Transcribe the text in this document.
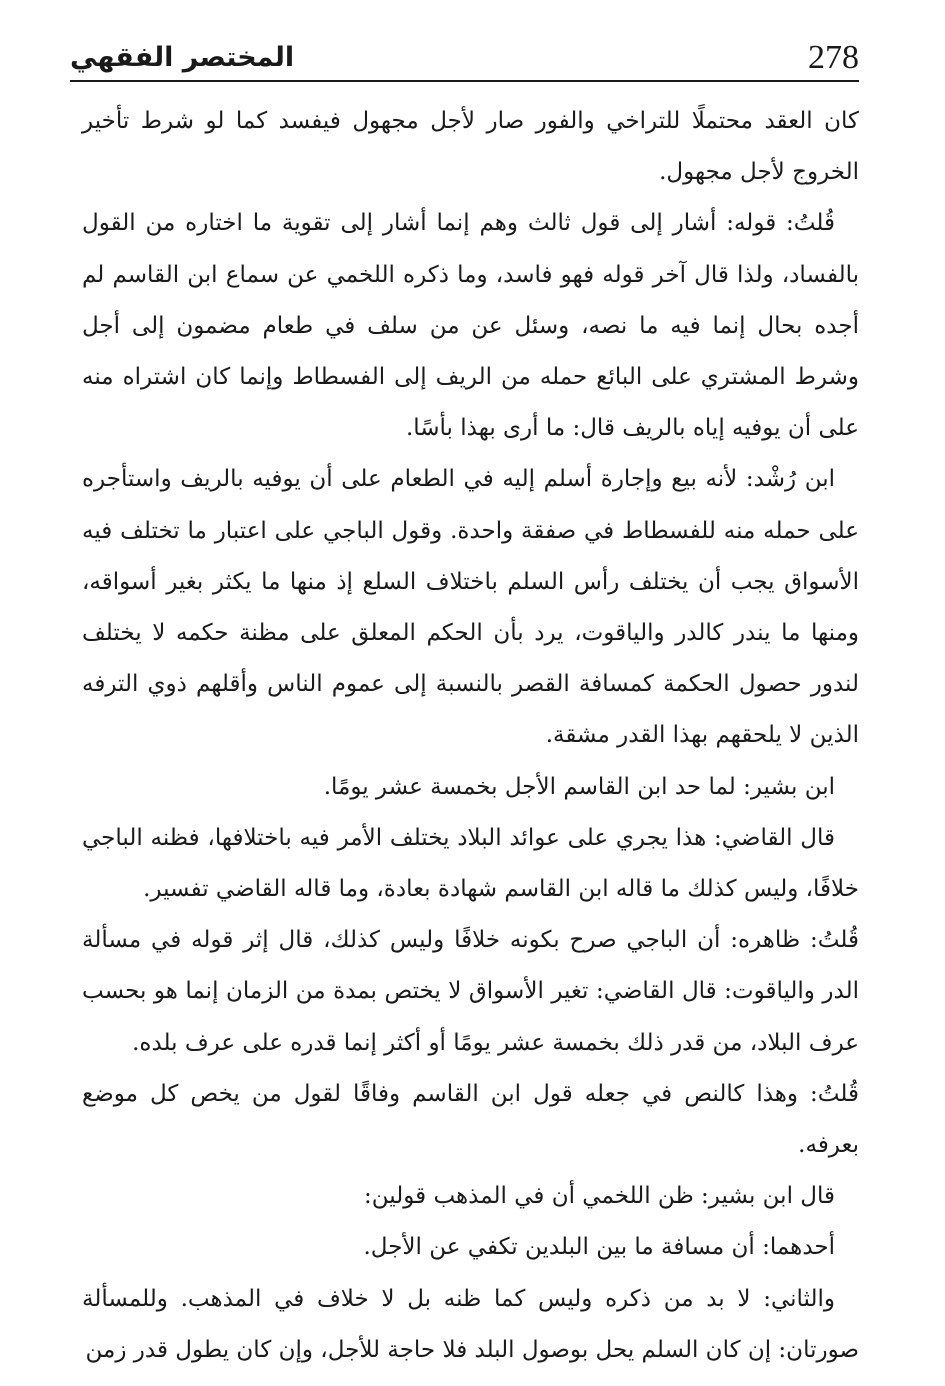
278
المختصر الفقهي

كان العقد محتملًا للتراخي والفور صار لأجل مجهول فيفسد كما لو شرط تأخير الخروج لأجل مجهول.

قُلتُ: قوله: أشار إلى قول ثالث وهم إنما أشار إلى تقوية ما اختاره من القول بالفساد، ولذا قال آخر قوله فهو فاسد، وما ذكره اللخمي عن سماع ابن القاسم لم أجده بحال إنما فيه ما نصه، وسئل عن من سلف في طعام مضمون إلى أجل وشرط المشتري على البائع حمله من الريف إلى الفسطاط وإنما كان اشتراه منه على أن يوفيه إياه بالريف قال: ما أرى بهذا بأسًا.

ابن رُشْد: لأنه بيع وإجارة أسلم إليه في الطعام على أن يوفيه بالريف واستأجره على حمله منه للفسطاط في صفقة واحدة. وقول الباجي على اعتبار ما تختلف فيه الأسواق يجب أن يختلف رأس السلم باختلاف السلع إذ منها ما يكثر بغير أسواقه، ومنها ما يندر كالدر والياقوت، يرد بأن الحكم المعلق على مظنة حكمه لا يختلف لندور حصول الحكمة كمسافة القصر بالنسبة إلى عموم الناس وأقلهم ذوي الترفه الذين لا يلحقهم بهذا القدر مشقة.

ابن بشير: لما حد ابن القاسم الأجل بخمسة عشر يومًا.

قال القاضي: هذا يجري على عوائد البلاد يختلف الأمر فيه باختلافها، فظنه الباجي خلافًا، وليس كذلك ما قاله ابن القاسم شهادة بعادة، وما قاله القاضي تفسير.

قُلتُ: ظاهره: أن الباجي صرح بكونه خلافًا وليس كذلك، قال إثر قوله في مسألة الدر والياقوت: قال القاضي: تغير الأسواق لا يختص بمدة من الزمان إنما هو بحسب عرف البلاد، من قدر ذلك بخمسة عشر يومًا أو أكثر إنما قدره على عرف بلده.

قُلتُ: وهذا كالنص في جعله قول ابن القاسم وفاقًا لقول من يخص كل موضع بعرفه.

قال ابن بشير: ظن اللخمي أن في المذهب قولين:

أحدهما: أن مسافة ما بين البلدين تكفي عن الأجل.

والثاني: لا بد من ذكره وليس كما ظنه بل لا خلاف في المذهب. وللمسألة صورتان: إن كان السلم يحل بوصول البلد فلا حاجة للأجل، وإن كان يطول قدر زمن
